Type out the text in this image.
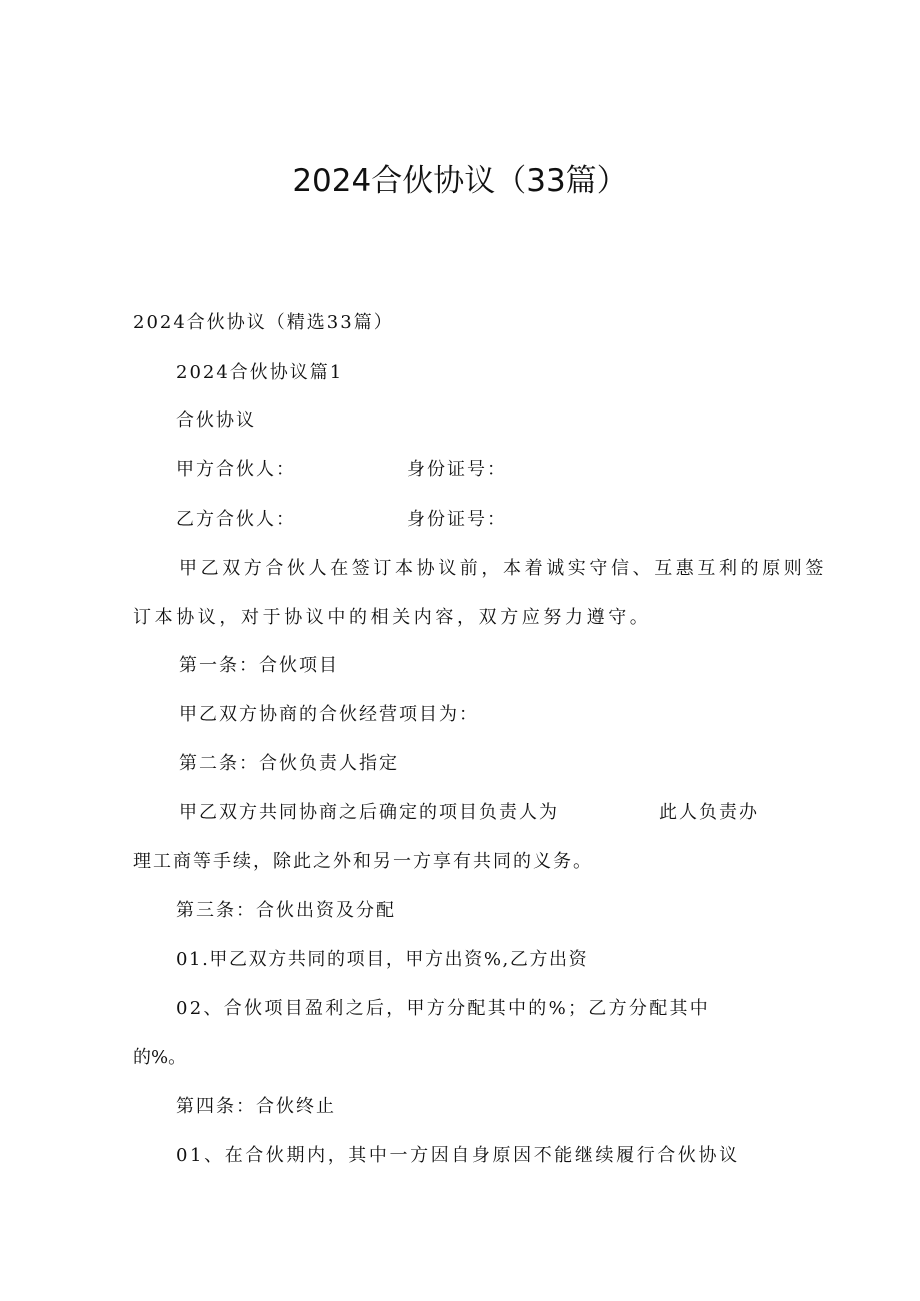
2024合伙协议（33篇）
2024合伙协议（精选33篇）
2024合伙协议篇1
合伙协议
甲方合伙人：	身份证号：
乙方合伙人：	身份证号：
甲乙双方合伙人在签订本协议前，本着诚实守信、互惠互利的原则签
订本协议，对于协议中的相关内容，双方应努力遵守。
第一条：合伙项目
甲乙双方协商的合伙经营项目为：
第二条：合伙负责人指定
甲乙双方共同协商之后确定的项目负责人为	此人负责办
理工商等手续，除此之外和另一方享有共同的义务。
第三条：合伙出资及分配
01.甲乙双方共同的项目，甲方出资%,乙方出资
02、合伙项目盈利之后，甲方分配其中的%；乙方分配其中
的%。
第四条：合伙终止
01、在合伙期内，其中一方因自身原因不能继续履行合伙协议
